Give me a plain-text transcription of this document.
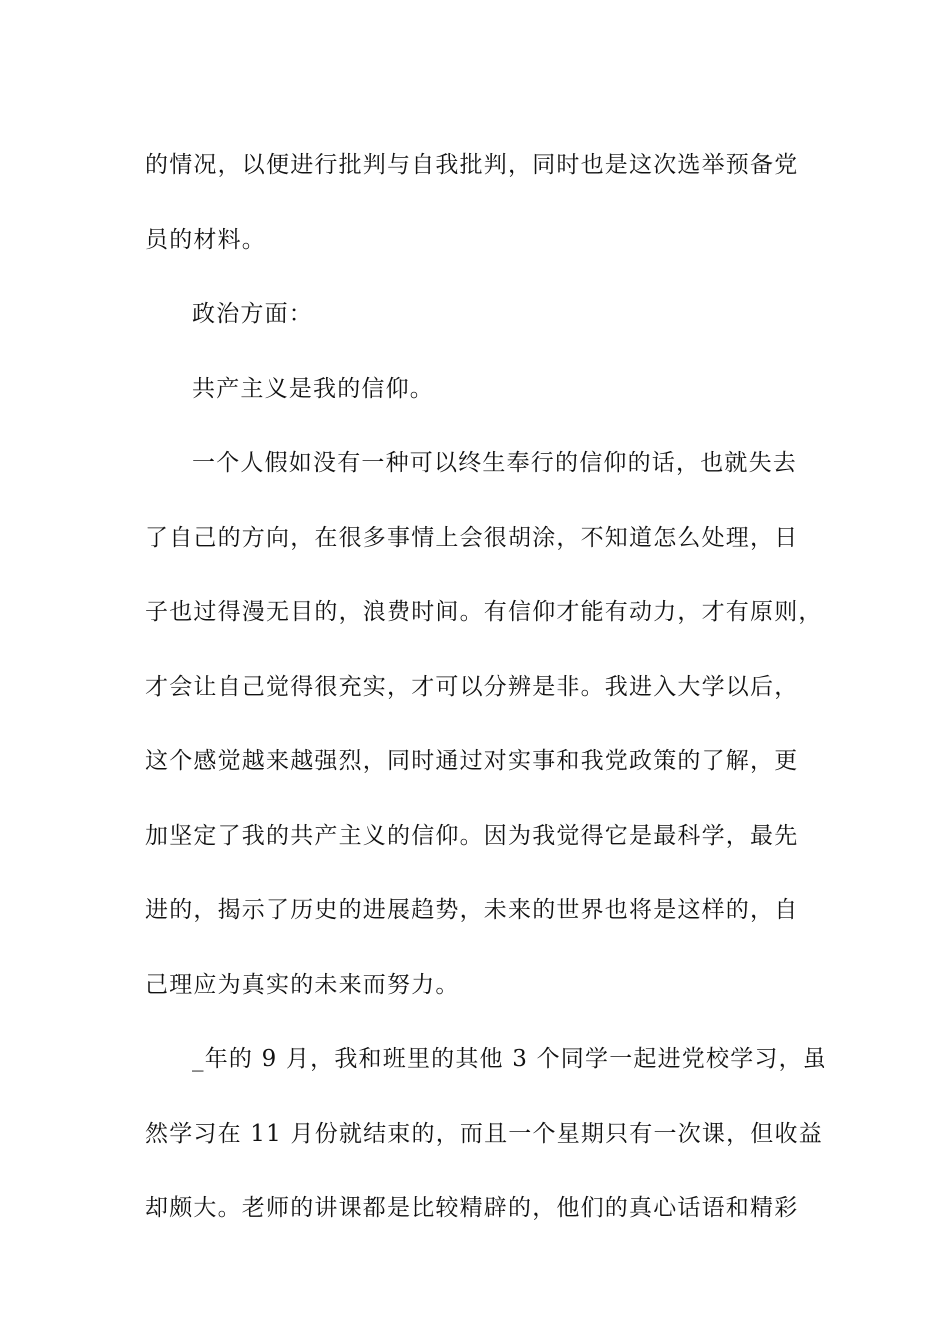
的情况，以便进行批判与自我批判，同时也是这次选举预备党
员的材料。
政治方面：
共产主义是我的信仰。
一个人假如没有一种可以终生奉行的信仰的话，也就失去
了自己的方向，在很多事情上会很胡涂，不知道怎么处理，日
子也过得漫无目的，浪费时间。有信仰才能有动力，才有原则，
才会让自己觉得很充实，才可以分辨是非。我进入大学以后，
这个感觉越来越强烈，同时通过对实事和我党政策的了解，更
加坚定了我的共产主义的信仰。因为我觉得它是最科学，最先
进的，揭示了历史的进展趋势，未来的世界也将是这样的，自
己理应为真实的未来而努力。
_年的 9 月，我和班里的其他 3 个同学一起进党校学习，虽
然学习在 11 月份就结束的，而且一个星期只有一次课，但收益
却颇大。老师的讲课都是比较精辟的，他们的真心话语和精彩
